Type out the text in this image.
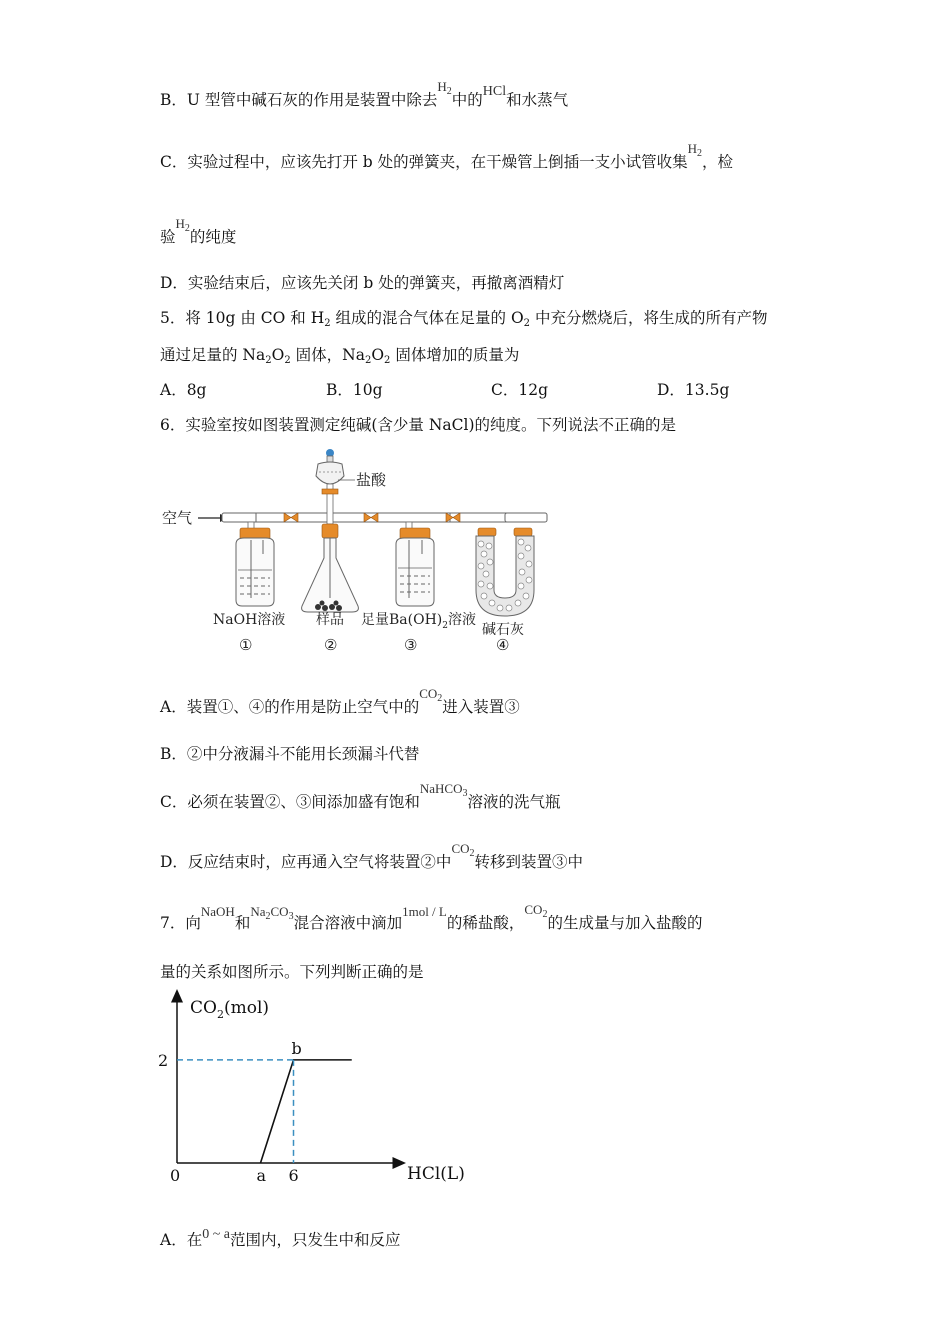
B．U 型管中碱石灰的作用是装置中除去$^{H_2}$中的HCl和水蒸气
C．实验过程中，应该先打开 b 处的弹簧夹，在干燥管上倒插一支小试管收集$^{H_2}$，检
验$^{H_2}$的纯度
D．实验结束后，应该先关闭 b 处的弹簧夹，再撤离酒精灯
5．将 10g 由 CO 和 $H_2$ 组成的混合气体在足量的 $O_2$ 中充分燃烧后，将生成的所有产物
通过足量的 $Na_2O_2$ 固体，$Na_2O_2$ 固体增加的质量为
A．8g	B．10g	C．12g	D．13.5g
6．实验室按如图装置测定纯碱(含少量 NaCl)的纯度。下列说法不正确的是
空气
盐酸
NaOH溶液 样品 足量$Ba(OH)_2$溶液
碱石灰
①	②	③	④
A．装置①、④的作用是防止空气中的$^{CO_2}$进入装置③
B．②中分液漏斗不能用长颈漏斗代替
C．必须在装置②、③间添加盛有饱和$^{NaHCO_3}$溶液的洗气瓶
D．反应结束时，应再通入空气将装置②中$^{CO_2}$转移到装置③中
7．向$^{NaOH}$和$^{Na_2CO_3}$混合溶液中滴加$^{1mol / L}$的稀盐酸，$^{CO_2}$的生成量与加入盐酸的
量的关系如图所示。下列判断正确的是
$CO_2(mol)$
HCl(L)
0	a 6
2
b
A．在0 ~ a范围内，只发生中和反应
